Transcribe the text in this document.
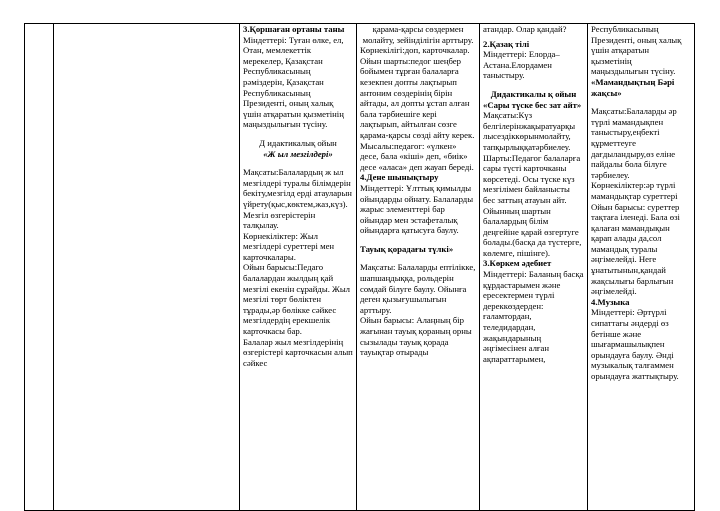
3.Қоршаған ортаны таны

Міндеттері: Туған өлке, ел, Отан, мемлекеттік мерекелер, Қазақстан Республикасының рәміздерін, Қазақстан Республикасының Президенті, оның халық үшін атқаратын қызметінің маңыздылығын түсіну.

Д идактикалық ойын

«Ж ыл мезгілдері»

Мақсаты:Балалардың ж ыл мезгілдері туралы білімдерін бекіту,мезгілд ерді атауларын үйрету(қыс,көктем,жаз,күз). Мезгіл өзгерістерін талқылау.

Көрнекіліктер: Жыл мезгілдері суреттері мен карточкалары.

Ойын барысы:Педаго балалардан жылдың қай мезгілі екенін сұрайды. Жыл мезгілі төрт бөліктен тұрады,әр бөлікке сәйкес мезгілдердің ерекшелік карточкасы бар.

Балалар жыл мезгілдерінің өзгерістері карточкасын алып сәйкес

қарама-қарсы сөздермен молайту, зейінділігін арттыру.

Көрнекілігі:доп, карточкалар.

Ойын шарты:педог шеңбер бойымен тұрған балаларға кезекпен допты лақтырып антоним сөздерінің бірін айтады, ал допты ұстап алған бала тәрбиешіге кері лақтырып, айтылған сөзге қарама-қарсы сөзді айту керек.

Мысалы:педагог: «үлкен» десе, бала «кіші» деп, «биік» десе «аласа» деп жауап береді.

4.Дене шынықтыру

Міндеттері: Ұлттық қимылды ойындарды ойнату. Балаларды жарыс элементтері бар ойындар мен эстафеталық ойындарға қатысуға баулу.

Тауық қорадағы түлкі»

Мақсаты: Балаларды ептілікке, шапшаңдыққа, рольдерін сомдай білуге баулу. Ойынға деген қызығушылығын арттыру.

Ойын барысы: Алаңның бір жағынан тауық қораның орны сызылады тауық қорада тауықтар отырады

атандар. Олар қандай?

2.Қазақ тілі

Міндеттері: Елорда–Астана.Елордамен таныстыру.

Дидактикалы қ ойын

«Сары түске бес зат айт»

Мақсаты:Күз белгілерінжақыратуарқы лысездіккөрынмолайту, тапқырлыққатәрбиелеу.

Шарты:Педагог балаларға сары түсті карточканы көрсетеді. Осы түске күз мезгілімен байланысты бес заттың атауын айт. Ойынның шартын балалардың білім деңгейіне қарай өзгертуге болады.(басқа да түстерге, көлемге, пішінге).

3.Көркем әдебиет

Міндеттері: Баланың басқа құрдастарымен және ересектермен түрлі дереккөздерден: ғаламтордан, теледидардан, жақындарының әңгімесінен алған ақпараттарымен,

Республикасының Президенті, оның халық үшін атқаратын қызметінің маңыздылығын түсіну.

«Мамандықтың Бәрі жақсы»

Мақсаты:Балаларды әр түрлі мамандықпен таныстыру,еңбекті құрметтеуге дағдыландыру,өз еліне пайдалы бола білуге тәрбиелеу.

Көрнекіліктер:әр түрлі мамандықтар суреттері

Ойын барысы: суреттер тақтаға іленеді. Бала өзі қалаған мамандықын қарап алады да,сол мамандық туралы әңгімелейді. Неге ұнатытынын,қандай жақсылығы барлығын әңгімелейді.

4.Музыка

Міндеттері: Әртүрлі сипаттағы әндерді өз бетінше және шығармашылықпен орындауға баулу. Әнді музыкалық талғаммен орындауға жаттықтыру.
